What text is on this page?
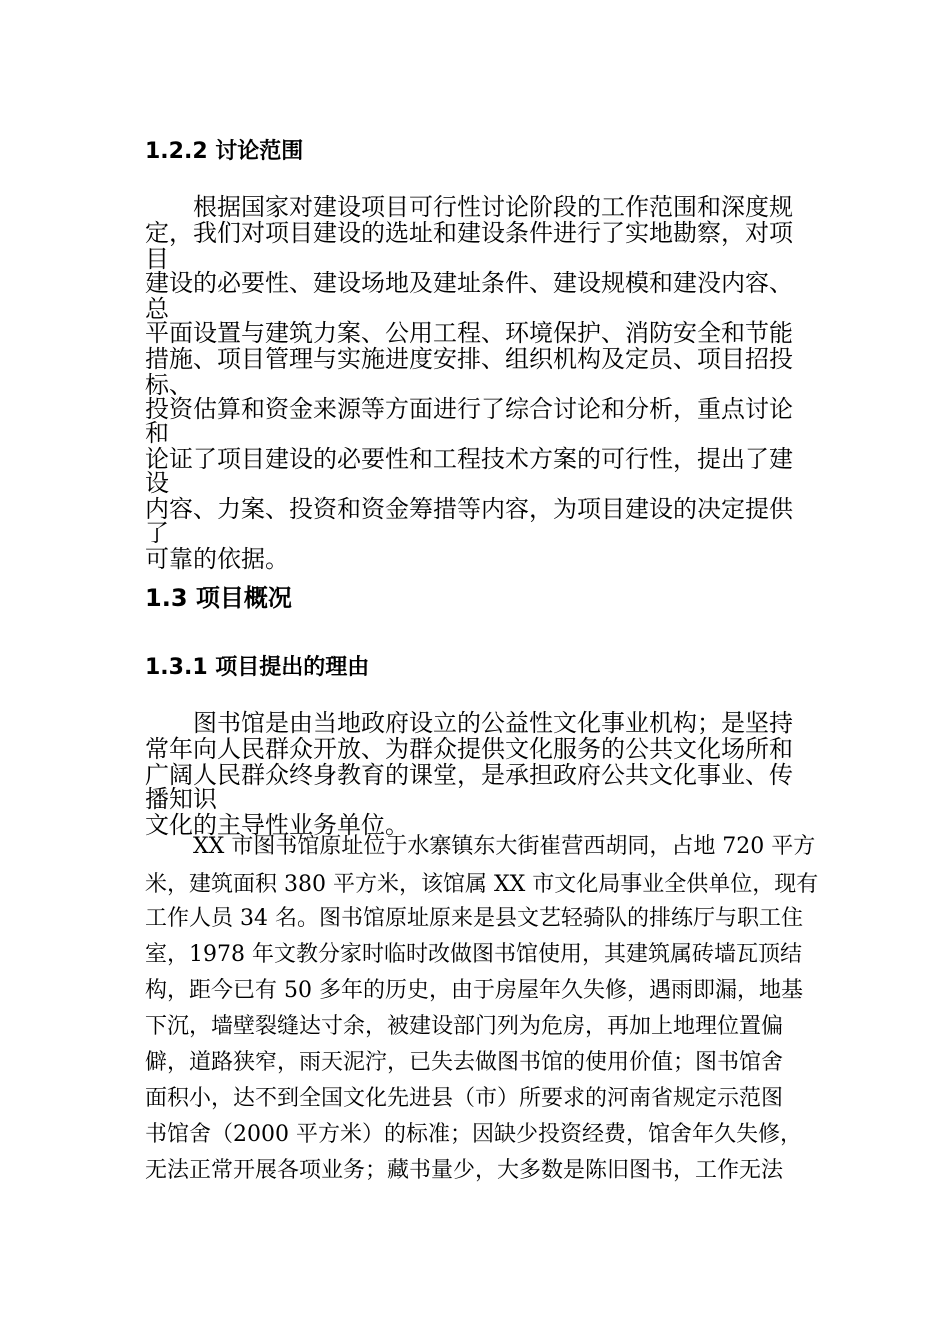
1.2.2 讨论范围
根据国家对建设项目可行性讨论阶段的工作范围和深度规
定，我们对项目建设的选址和建设条件进行了实地勘察，对项
目
建设的必要性、建设场地及建址条件、建设规模和建没内容、
总
平面设置与建筑力案、公用工程、环境保护、消防安全和节能
措施、项目管理与实施进度安排、组织机构及定员、项目招投
标、
投资估算和资金来源等方面进行了综合讨论和分析，重点讨论
和
论证了项目建设的必要性和工程技术方案的可行性，提出了建
设
内容、力案、投资和资金筹措等内容，为项目建设的决定提供
了
可靠的依据。
1.3 项目概况
1.3.1 项目提出的理由
图书馆是由当地政府设立的公益性文化事业机构；是坚持
常年向人民群众开放、为群众提供文化服务的公共文化场所和
广阔人民群众终身教育的课堂，是承担政府公共文化事业、传
播知识
文化的主导性业务单位。
XX 市图书馆原址位于水寨镇东大街崔营西胡同，占地 720 平方
米，建筑面积 380 平方米，该馆属 XX 市文化局事业全供单位，现有
工作人员 34 名。图书馆原址原来是县文艺轻骑队的排练厅与职工住
室，1978 年文教分家时临时改做图书馆使用，其建筑属砖墙瓦顶结
构，距今已有 50 多年的历史，由于房屋年久失修，遇雨即漏，地基
下沉，墙壁裂缝达寸余，被建设部门列为危房，再加上地理位置偏
僻，道路狭窄，雨天泥泞，已失去做图书馆的使用价值；图书馆舍
面积小，达不到全国文化先进县（市）所要求的河南省规定示范图
书馆舍（2000 平方米）的标准；因缺少投资经费，馆舍年久失修，
无法正常开展各项业务；藏书量少，大多数是陈旧图书，工作无法
